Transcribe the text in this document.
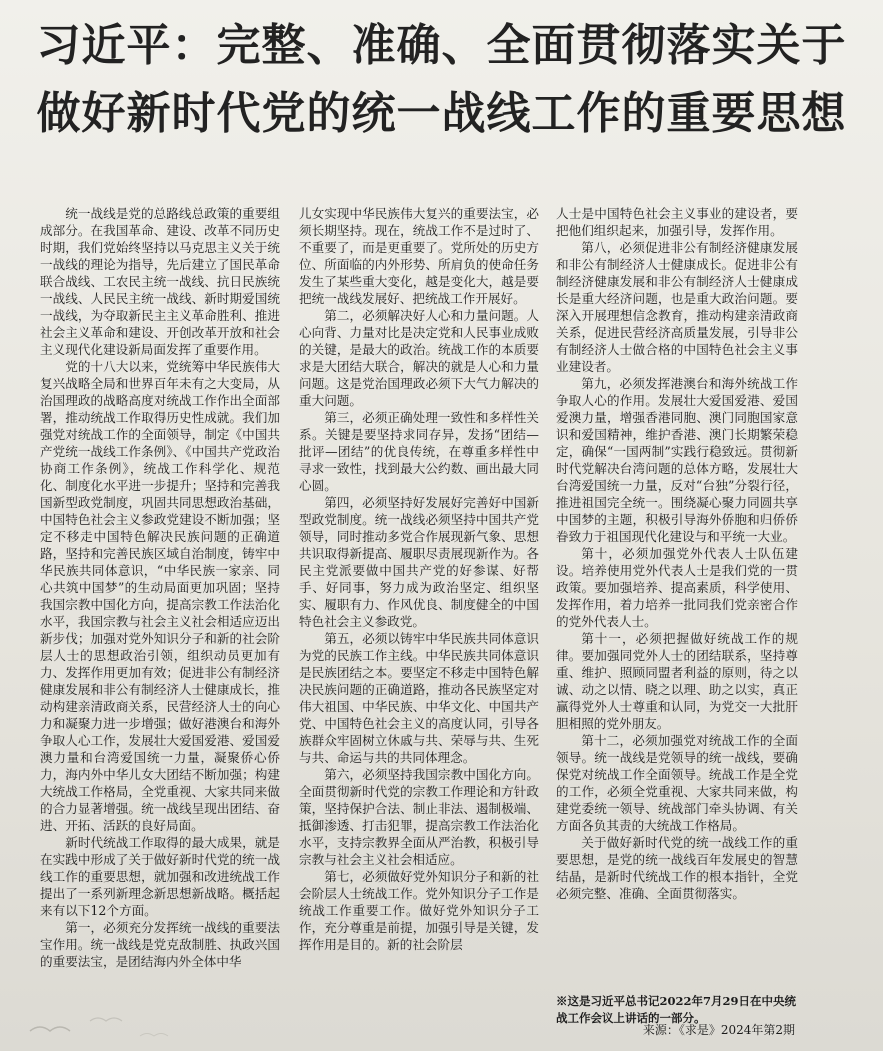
习近平：完整、准确、全面贯彻落实关于
做好新时代党的统一战线工作的重要思想

统一战线是党的总路线总政策的重要组成部分。在我国革命、建设、改革不同历史时期，我们党始终坚持以马克思主义关于统一战线的理论为指导，先后建立了国民革命联合战线、工农民主统一战线、抗日民族统一战线、人民民主统一战线、新时期爱国统一战线，为夺取新民主主义革命胜利、推进社会主义革命和建设、开创改革开放和社会主义现代化建设新局面发挥了重要作用。

党的十八大以来，党统筹中华民族伟大复兴战略全局和世界百年未有之大变局，从治国理政的战略高度对统战工作作出全面部署，推动统战工作取得历史性成就。我们加强党对统战工作的全面领导，制定《中国共产党统一战线工作条例》、《中国共产党政治协商工作条例》，统战工作科学化、规范化、制度化水平进一步提升；坚持和完善我国新型政党制度，巩固共同思想政治基础，中国特色社会主义参政党建设不断加强；坚定不移走中国特色解决民族问题的正确道路，坚持和完善民族区域自治制度，铸牢中华民族共同体意识，“中华民族一家亲、同心共筑中国梦”的生动局面更加巩固；坚持我国宗教中国化方向，提高宗教工作法治化水平，我国宗教与社会主义社会相适应迈出新步伐；加强对党外知识分子和新的社会阶层人士的思想政治引领，组织动员更加有力、发挥作用更加有效；促进非公有制经济健康发展和非公有制经济人士健康成长，推动构建亲清政商关系，民营经济人士的向心力和凝聚力进一步增强；做好港澳台和海外争取人心工作，发展壮大爱国爱港、爱国爱澳力量和台湾爱国统一力量，凝聚侨心侨力，海内外中华儿女大团结不断加强；构建大统战工作格局，全党重视、大家共同来做的合力显著增强。统一战线呈现出团结、奋进、开拓、活跃的良好局面。

新时代统战工作取得的最大成果，就是在实践中形成了关于做好新时代党的统一战线工作的重要思想，就加强和改进统战工作提出了一系列新理念新思想新战略。概括起来有以下12个方面。

第一，必须充分发挥统一战线的重要法宝作用。统一战线是党克敌制胜、执政兴国的重要法宝，是团结海内外全体中华

儿女实现中华民族伟大复兴的重要法宝，必须长期坚持。现在，统战工作不是过时了、不重要了，而是更重要了。党所处的历史方位、所面临的内外形势、所肩负的使命任务发生了某些重大变化，越是变化大，越是要把统一战线发展好、把统战工作开展好。

第二，必须解决好人心和力量问题。人心向背、力量对比是决定党和人民事业成败的关键，是最大的政治。统战工作的本质要求是大团结大联合，解决的就是人心和力量问题。这是党治国理政必须下大气力解决的重大问题。

第三，必须正确处理一致性和多样性关系。关键是要坚持求同存异，发扬“团结—批评—团结”的优良传统，在尊重多样性中寻求一致性，找到最大公约数、画出最大同心圆。

第四，必须坚持好发展好完善好中国新型政党制度。统一战线必须坚持中国共产党领导，同时推动多党合作展现新气象、思想共识取得新提高、履职尽责展现新作为。各民主党派要做中国共产党的好参谋、好帮手、好同事，努力成为政治坚定、组织坚实、履职有力、作风优良、制度健全的中国特色社会主义参政党。

第五，必须以铸牢中华民族共同体意识为党的民族工作主线。中华民族共同体意识是民族团结之本。要坚定不移走中国特色解决民族问题的正确道路，推动各民族坚定对伟大祖国、中华民族、中华文化、中国共产党、中国特色社会主义的高度认同，引导各族群众牢固树立休戚与共、荣辱与共、生死与共、命运与共的共同体理念。

第六，必须坚持我国宗教中国化方向。全面贯彻新时代党的宗教工作理论和方针政策，坚持保护合法、制止非法、遏制极端、抵御渗透、打击犯罪，提高宗教工作法治化水平，支持宗教界全面从严治教，积极引导宗教与社会主义社会相适应。

第七，必须做好党外知识分子和新的社会阶层人士统战工作。党外知识分子工作是统战工作重要工作。做好党外知识分子工作，充分尊重是前提，加强引导是关键，发挥作用是目的。新的社会阶层

人士是中国特色社会主义事业的建设者，要把他们组织起来，加强引导，发挥作用。

第八，必须促进非公有制经济健康发展和非公有制经济人士健康成长。促进非公有制经济健康发展和非公有制经济人士健康成长是重大经济问题，也是重大政治问题。要深入开展理想信念教育，推动构建亲清政商关系，促进民营经济高质量发展，引导非公有制经济人士做合格的中国特色社会主义事业建设者。

第九，必须发挥港澳台和海外统战工作争取人心的作用。发展壮大爱国爱港、爱国爱澳力量，增强香港同胞、澳门同胞国家意识和爱国精神，维护香港、澳门长期繁荣稳定，确保“一国两制”实践行稳致远。贯彻新时代党解决台湾问题的总体方略，发展壮大台湾爱国统一力量，反对“台独”分裂行径，推进祖国完全统一。围绕凝心聚力同圆共享中国梦的主题，积极引导海外侨胞和归侨侨眷致力于祖国现代化建设与和平统一大业。

第十，必须加强党外代表人士队伍建设。培养使用党外代表人士是我们党的一贯政策。要加强培养、提高素质，科学使用、发挥作用，着力培养一批同我们党亲密合作的党外代表人士。

第十一，必须把握做好统战工作的规律。要加强同党外人士的团结联系，坚持尊重、维护、照顾同盟者利益的原则，待之以诚、动之以情、晓之以理、助之以实，真正赢得党外人士尊重和认同，为党交一大批肝胆相照的党外朋友。

第十二，必须加强党对统战工作的全面领导。统一战线是党领导的统一战线，要确保党对统战工作全面领导。统战工作是全党的工作，必须全党重视、大家共同来做，构建党委统一领导、统战部门牵头协调、有关方面各负其责的大统战工作格局。

关于做好新时代党的统一战线工作的重要思想，是党的统一战线百年发展史的智慧结晶，是新时代统战工作的根本指针，全党必须完整、准确、全面贯彻落实。

※这是习近平总书记2022年7月29日在中央统战工作会议上讲话的一部分。
来源：《求是》2024年第2期
